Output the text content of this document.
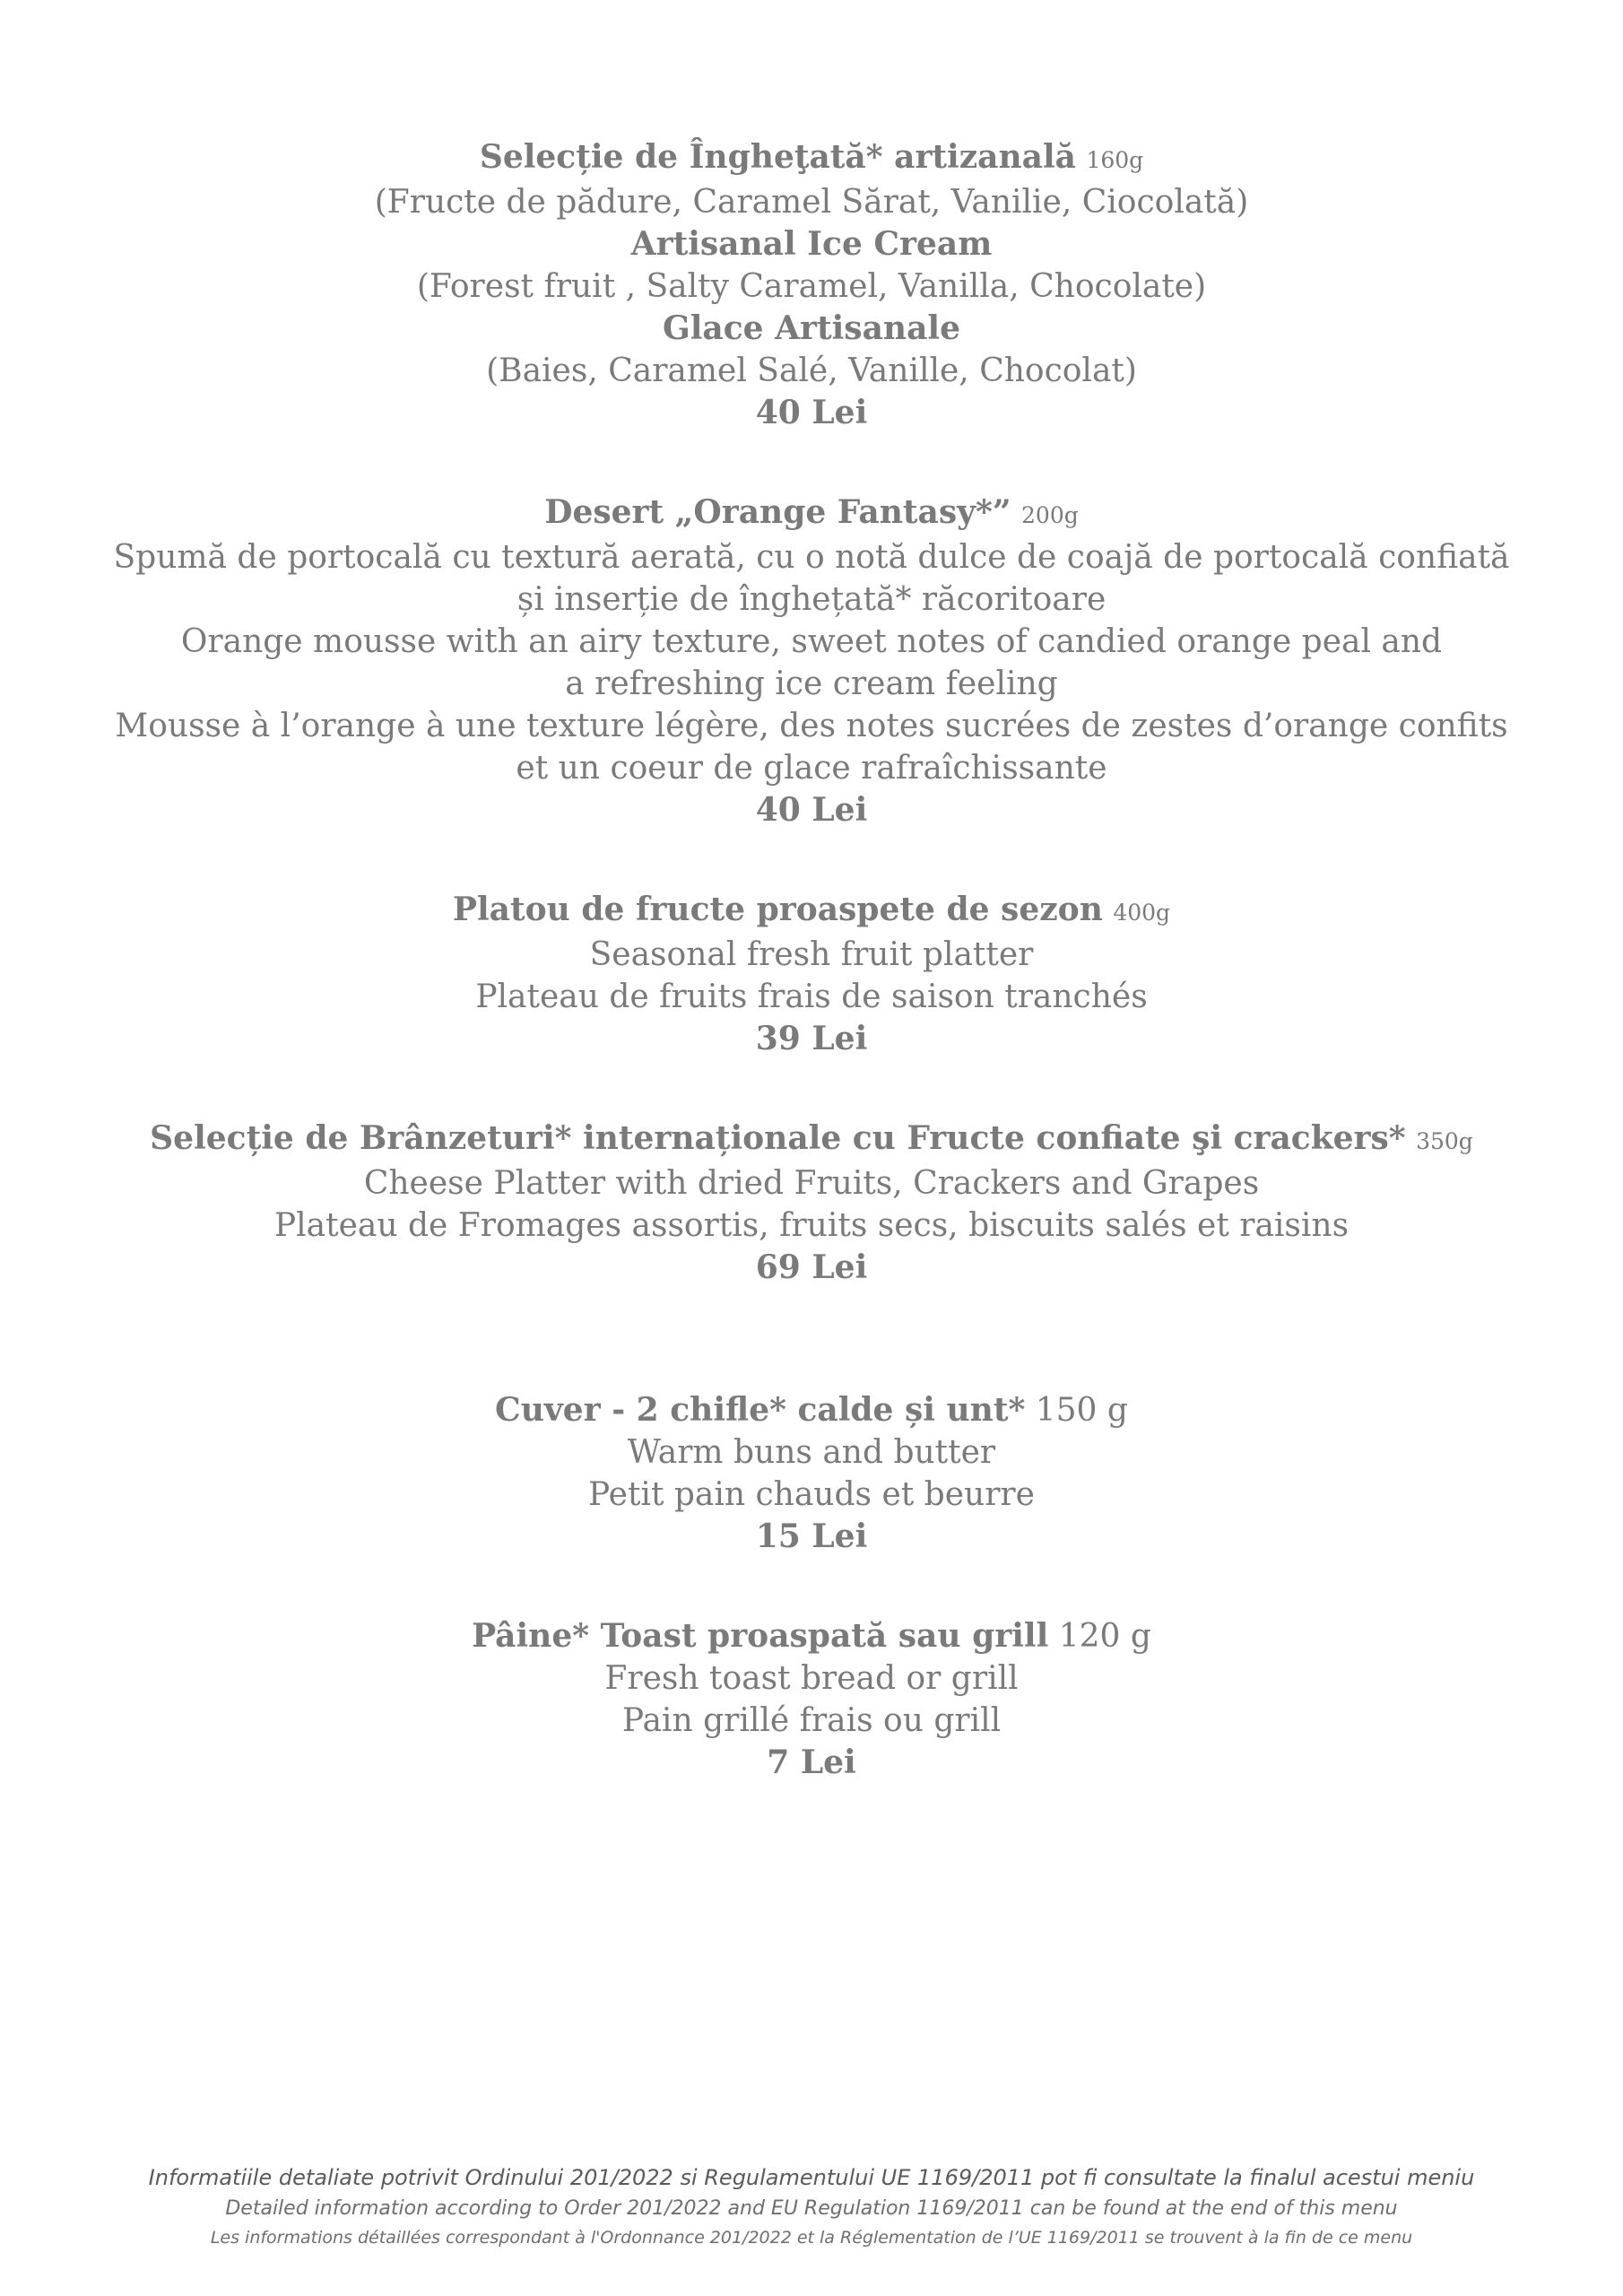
Selecție de Îngheţată* artizanală 160g
(Fructe de pădure, Caramel Sărat, Vanilie, Ciocolată)
Artisanal Ice Cream
(Forest fruit , Salty Caramel, Vanilla, Chocolate)
Glace Artisanale
(Baies, Caramel Salé, Vanille, Chocolat)
40 Lei
Desert „Orange Fantasy*” 200g
Spumă de portocală cu textură aerată, cu o notă dulce de coajă de portocală confiată
și inserție de înghețată* răcoritoare
Orange mousse with an airy texture, sweet notes of candied orange peal and
a refreshing ice cream feeling
Mousse à l’orange à une texture légère, des notes sucrées de zestes d’orange confits
et un coeur de glace rafraîchissante
40 Lei
Platou de fructe proaspete de sezon 400g
Seasonal fresh fruit platter
Plateau de fruits frais de saison tranchés
39 Lei
Selecție de Brânzeturi* internaționale cu Fructe confiate şi crackers* 350g
Cheese Platter with dried Fruits, Crackers and Grapes
Plateau de Fromages assortis, fruits secs, biscuits salés et raisins
69 Lei
Cuver - 2 chifle* calde și unt* 150 g
Warm buns and butter
Petit pain chauds et beurre
15 Lei
Pâine* Toast proaspată sau grill 120 g
Fresh toast bread or grill
Pain grillé frais ou grill
7 Lei
Informatiile detaliate potrivit Ordinului 201/2022 si Regulamentului UE 1169/2011 pot fi consultate la finalul acestui meniu
Detailed information according to Order 201/2022 and EU Regulation 1169/2011 can be found at the end of this menu
Les informations détaillées correspondant à l'Ordonnance 201/2022 et la Réglementation de l’UE 1169/2011 se trouvent à la fin de ce menu
